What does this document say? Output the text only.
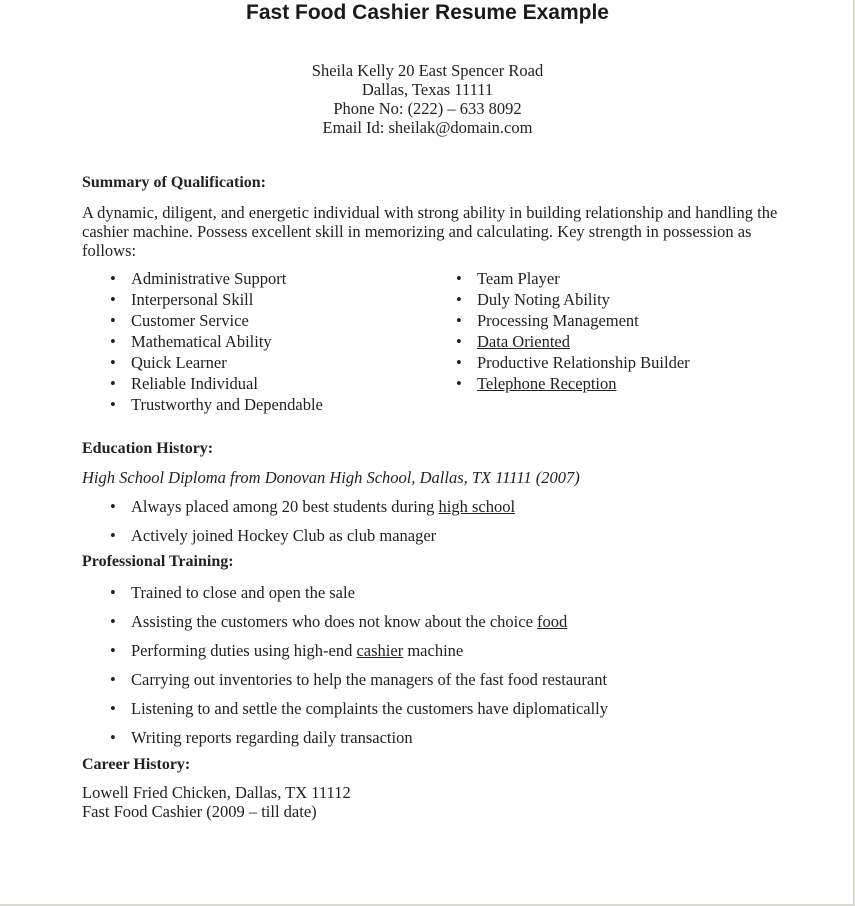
Fast Food Cashier Resume Example
Sheila Kelly 20 East Spencer Road
Dallas, Texas 11111
Phone No: (222) – 633 8092
Email Id: sheilak@domain.com
Summary of Qualification:
A dynamic, diligent, and energetic individual with strong ability in building relationship and handling the cashier machine. Possess excellent skill in memorizing and calculating. Key strength in possession as follows:
• Administrative Support
• Interpersonal Skill
• Customer Service
• Mathematical Ability
• Quick Learner
• Reliable Individual
• Trustworthy and Dependable
• Team Player
• Duly Noting Ability
• Processing Management
• Data Oriented
• Productive Relationship Builder
• Telephone Reception
Education History:
High School Diploma from Donovan High School, Dallas, TX 11111 (2007)
• Always placed among 20 best students during high school
• Actively joined Hockey Club as club manager
Professional Training:
• Trained to close and open the sale
• Assisting the customers who does not know about the choice food
• Performing duties using high-end cashier machine
• Carrying out inventories to help the managers of the fast food restaurant
• Listening to and settle the complaints the customers have diplomatically
• Writing reports regarding daily transaction
Career History:
Lowell Fried Chicken, Dallas, TX 11112
Fast Food Cashier (2009 – till date)
